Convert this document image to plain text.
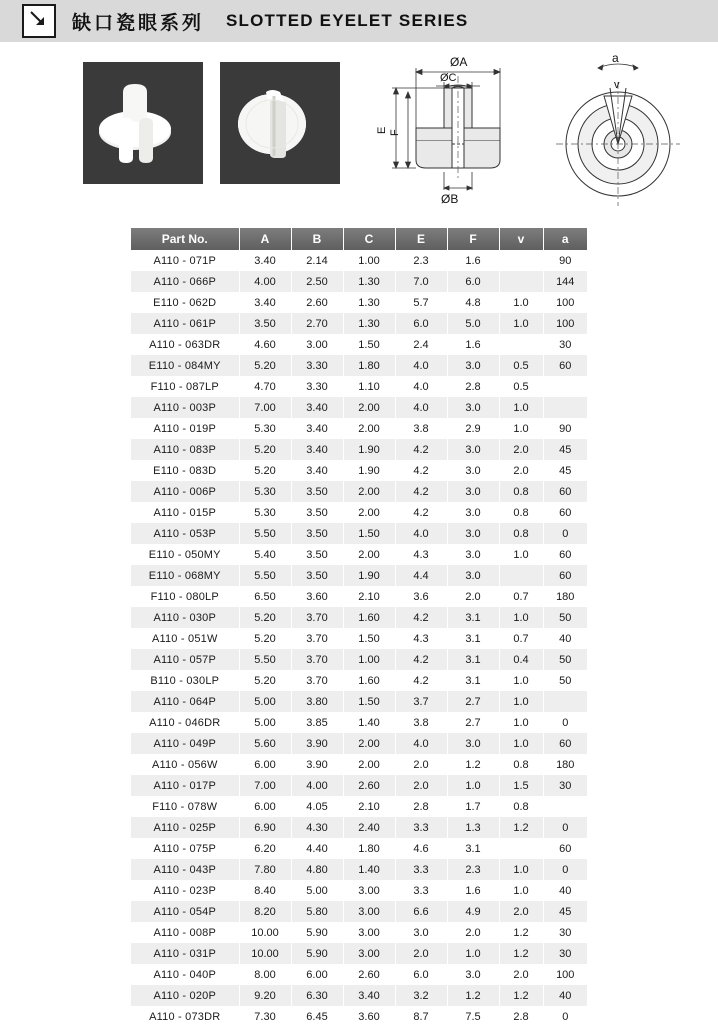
缺口瓷眼系列 SLOTTED EYELET SERIES
ØA
ØC
E F
ØB
a
v
Part No.	A	B	C	E	F	v	a
A110 - 071P	3.40	2.14	1.00	2.3	1.6		90
A110 - 066P	4.00	2.50	1.30	7.0	6.0		144
E110 - 062D	3.40	2.60	1.30	5.7	4.8	1.0	100
A110 - 061P	3.50	2.70	1.30	6.0	5.0	1.0	100
A110 - 063DR	4.60	3.00	1.50	2.4	1.6		30
E110 - 084MY	5.20	3.30	1.80	4.0	3.0	0.5	60
F110 - 087LP	4.70	3.30	1.10	4.0	2.8	0.5	
A110 - 003P	7.00	3.40	2.00	4.0	3.0	1.0	
A110 - 019P	5.30	3.40	2.00	3.8	2.9	1.0	90
A110 - 083P	5.20	3.40	1.90	4.2	3.0	2.0	45
E110 - 083D	5.20	3.40	1.90	4.2	3.0	2.0	45
A110 - 006P	5.30	3.50	2.00	4.2	3.0	0.8	60
A110 - 015P	5.30	3.50	2.00	4.2	3.0	0.8	60
A110 - 053P	5.50	3.50	1.50	4.0	3.0	0.8	0
E110 - 050MY	5.40	3.50	2.00	4.3	3.0	1.0	60
E110 - 068MY	5.50	3.50	1.90	4.4	3.0		60
F110 - 080LP	6.50	3.60	2.10	3.6	2.0	0.7	180
A110 - 030P	5.20	3.70	1.60	4.2	3.1	1.0	50
A110 - 051W	5.20	3.70	1.50	4.3	3.1	0.7	40
A110 - 057P	5.50	3.70	1.00	4.2	3.1	0.4	50
B110 - 030LP	5.20	3.70	1.60	4.2	3.1	1.0	50
A110 - 064P	5.00	3.80	1.50	3.7	2.7	1.0	
A110 - 046DR	5.00	3.85	1.40	3.8	2.7	1.0	0
A110 - 049P	5.60	3.90	2.00	4.0	3.0	1.0	60
A110 - 056W	6.00	3.90	2.00	2.0	1.2	0.8	180
A110 - 017P	7.00	4.00	2.60	2.0	1.0	1.5	30
F110 - 078W	6.00	4.05	2.10	2.8	1.7	0.8	
A110 - 025P	6.90	4.30	2.40	3.3	1.3	1.2	0
A110 - 075P	6.20	4.40	1.80	4.6	3.1		60
A110 - 043P	7.80	4.80	1.40	3.3	2.3	1.0	0
A110 - 023P	8.40	5.00	3.00	3.3	1.6	1.0	40
A110 - 054P	8.20	5.80	3.00	6.6	4.9	2.0	45
A110 - 008P	10.00	5.90	3.00	3.0	2.0	1.2	30
A110 - 031P	10.00	5.90	3.00	2.0	1.0	1.2	30
A110 - 040P	8.00	6.00	2.60	6.0	3.0	2.0	100
A110 - 020P	9.20	6.30	3.40	3.2	1.2	1.2	40
A110 - 073DR	7.30	6.45	3.60	8.7	7.5	2.8	0
